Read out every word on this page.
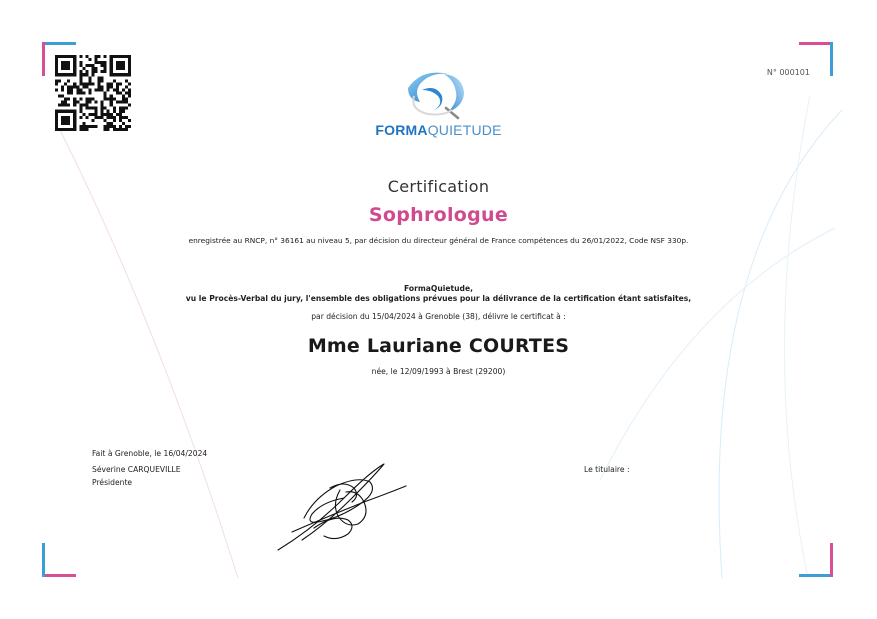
N° 000101
FORMAQUIETUDE
Certification
Sophrologue
enregistrée au RNCP, n° 36161 au niveau 5, par décision du directeur général de France compétences du 26/01/2022, Code NSF 330p.
FormaQuietude,
vu le Procès-Verbal du jury, l'ensemble des obligations prévues pour la délivrance de la certification étant satisfaites,
par décision du 15/04/2024 à Grenoble (38), délivre le certificat à :
Mme Lauriane COURTES
née, le 12/09/1993 à Brest (29200)
Fait à Grenoble, le 16/04/2024
Séverine CARQUEVILLE
Présidente
Le titulaire :
